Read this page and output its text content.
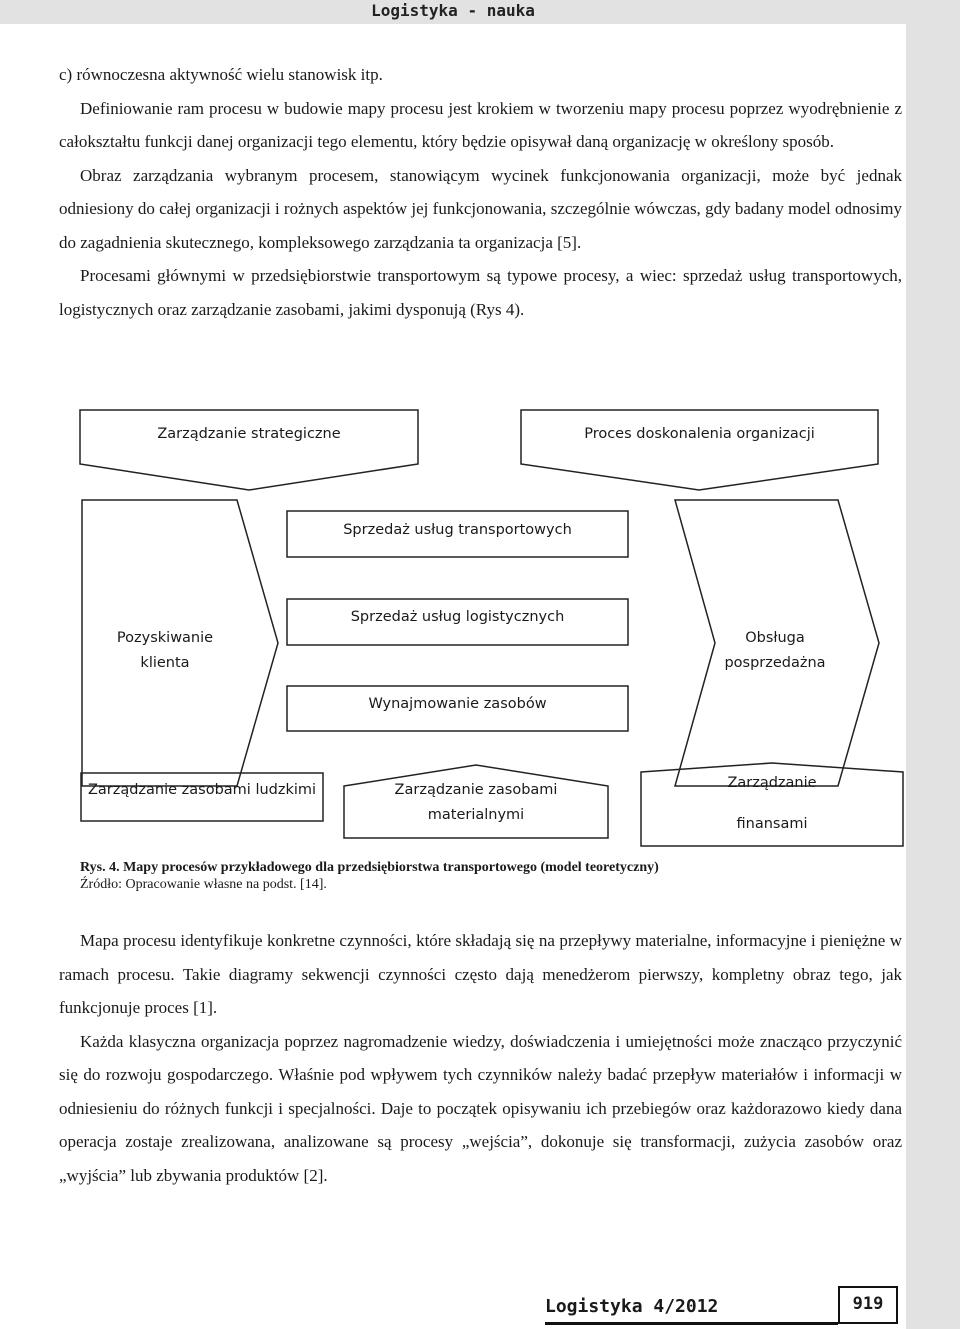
Logistyka - nauka

c) równoczesna aktywność wielu stanowisk itp.

Definiowanie ram procesu w budowie mapy procesu jest krokiem w tworzeniu mapy procesu poprzez wyodrębnienie z całokształtu funkcji danej organizacji tego elementu, który będzie opisywał daną organizację w określony sposób.

Obraz zarządzania wybranym procesem, stanowiącym wycinek funkcjonowania organizacji, może być jednak odniesiony do całej organizacji i rożnych aspektów jej funkcjonowania, szczególnie wówczas, gdy badany model odnosimy do zagadnienia skutecznego, kompleksowego zarządzania ta organizacja [5].

Procesami głównymi w przedsiębiorstwie transportowym są typowe procesy, a wiec: sprzedaż usług transportowych, logistycznych oraz zarządzanie zasobami, jakimi dysponują (Rys 4).

Zarządzanie strategiczne	Proces doskonalenia organizacji
Sprzedaż usług transportowych
Sprzedaż usług logistycznych
Wynajmowanie zasobów
Pozyskiwanie
klienta
Obsługa
posprzedażna
Zarządzanie zasobami ludzkimi	Zarządzanie zasobami
materialnymi
Zarządzanie
finansami
Rys. 4. Mapy procesów przykładowego dla przedsiębiorstwa transportowego (model teoretyczny)
Źródło: Opracowanie własne na podst. [14].

Mapa procesu identyfikuje konkretne czynności, które składają się na przepływy materialne, informacyjne i pieniężne w ramach procesu. Takie diagramy sekwencji czynności często dają menedżerom pierwszy, kompletny obraz tego, jak funkcjonuje proces [1].

Każda klasyczna organizacja poprzez nagromadzenie wiedzy, doświadczenia i umiejętności może znacząco przyczynić się do rozwoju gospodarczego. Właśnie pod wpływem tych czynników należy badać przepływ materiałów i informacji w odniesieniu do różnych funkcji i specjalności. Daje to początek opisywaniu ich przebiegów oraz każdorazowo kiedy dana operacja zostaje zrealizowana, analizowane są procesy „wejścia”, dokonuje się transformacji, zużycia zasobów oraz „wyjścia” lub zbywania produktów [2].

Logistyka 4/2012	919
